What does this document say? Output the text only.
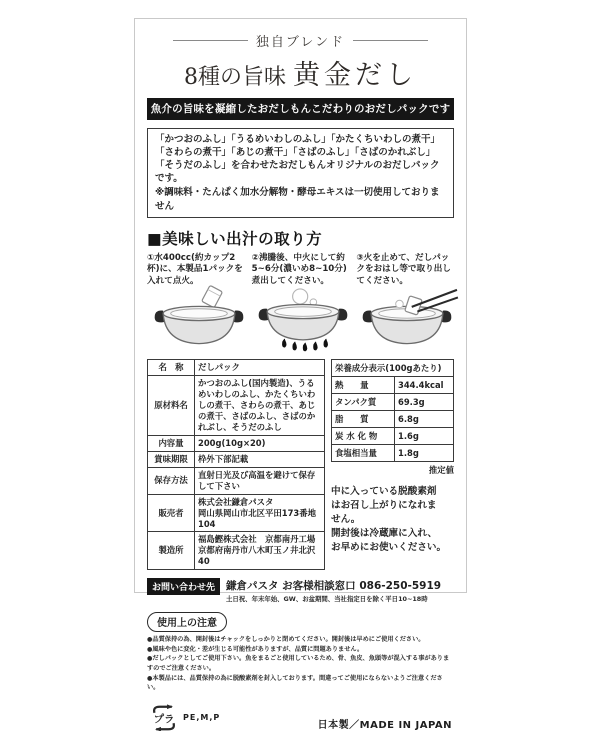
独自ブレンド
8種の旨味 黄金だし
魚介の旨味を凝縮したおだしもんこだわりのおだしパックです
「かつおのふし」「うるめいわしのふし」「かたくちいわしの煮干」「さわらの煮干」「あじの煮干」「さばのふし」「さばのかれぶし」「そうだのふし」を合わせたおだしもんオリジナルのおだしパックです。
※調味料・たんぱく加水分解物・酵母エキスは一切使用しておりません
■美味しい出汁の取り方
①水400cc(約カップ2杯)に、本製品1パックを入れて点火。
②沸騰後、中火にして約5~6分(濃いめ8~10分)煮出してください。
③火を止めて、だしパックをおはし等で取り出してください。
名　称	だしパック
原材料名	かつおのふし(国内製造)、うるめいわしのふし、かたくちいわしの煮干、さわらの煮干、あじの煮干、さばのふし、さばのかれぶし、そうだのふし
内容量	200g(10g×20)
賞味期限	枠外下部記載
保存方法	直射日光及び高温を避けて保存して下さい
販売者	株式会社鎌倉パスタ
岡山県岡山市北区平田173番地104
製造所	福島鰹株式会社　京都南丹工場
京都府南丹市八木町玉ノ井北沢40
栄養成分表示(100gあたり)	
熱　　量	344.4kcal
タンパク質	69.3g
脂　　質	6.8g
炭 水 化 物	1.6g
食塩相当量	1.8g
推定値
中に入っている脱酸素剤
はお召し上がりになれま
せん。
開封後は冷蔵庫に入れ、
お早めにお使いください。
お問い合わせ先	鎌倉パスタ お客様相談窓口 086-250-5919
土日祝、年末年始、GW、お盆期間、当社指定日を除く平日10~18時
使用上の注意
●品質保持の為、開封後はチャックをしっかりと閉めてください。開封後は早めにご使用ください。
●風味や色に変化・差が生じる可能性がありますが、品質に問題ありません。
●だしパックとしてご使用下さい。魚をまるごと使用しているため、骨、魚皮、魚頭等が混入する事がありますのでご注意ください。
●本製品には、品質保持の為に脱酸素剤を封入しております。間違ってご使用にならないようご注意ください。
プラ PE,M,P
日本製／MADE IN JAPAN
